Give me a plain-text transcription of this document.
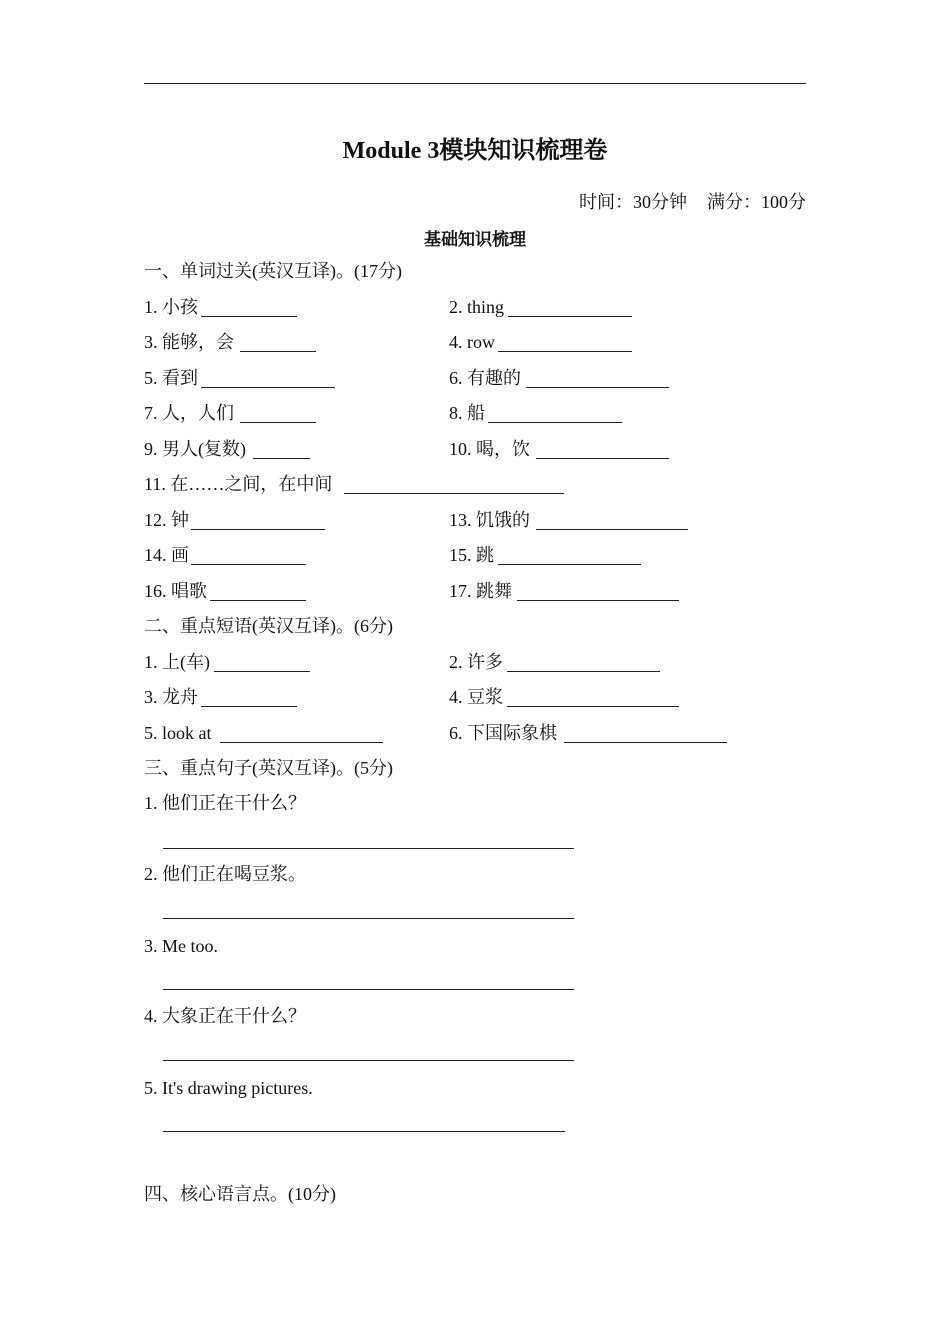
Module 3模块知识梳理卷
时间：30分钟 满分：100分
基础知识梳理
一、单词过关(英汉互译)。(17分)
1. 小孩	2. thing
3. 能够，会	4. row
5. 看到	6. 有趣的
7. 人，人们	8. 船
9. 男人(复数)	10. 喝，饮
11. 在……之间，在中间
12. 钟	13. 饥饿的
14. 画	15. 跳
16. 唱歌	17. 跳舞
二、重点短语(英汉互译)。(6分)
1. 上(车)	2. 许多
3. 龙舟	4. 豆浆
5. look at	6. 下国际象棋
三、重点句子(英汉互译)。(5分)
1. 他们正在干什么？
2. 他们正在喝豆浆。
3. Me too.
4. 大象正在干什么？
5. It's drawing pictures.
四、核心语言点。(10分)
